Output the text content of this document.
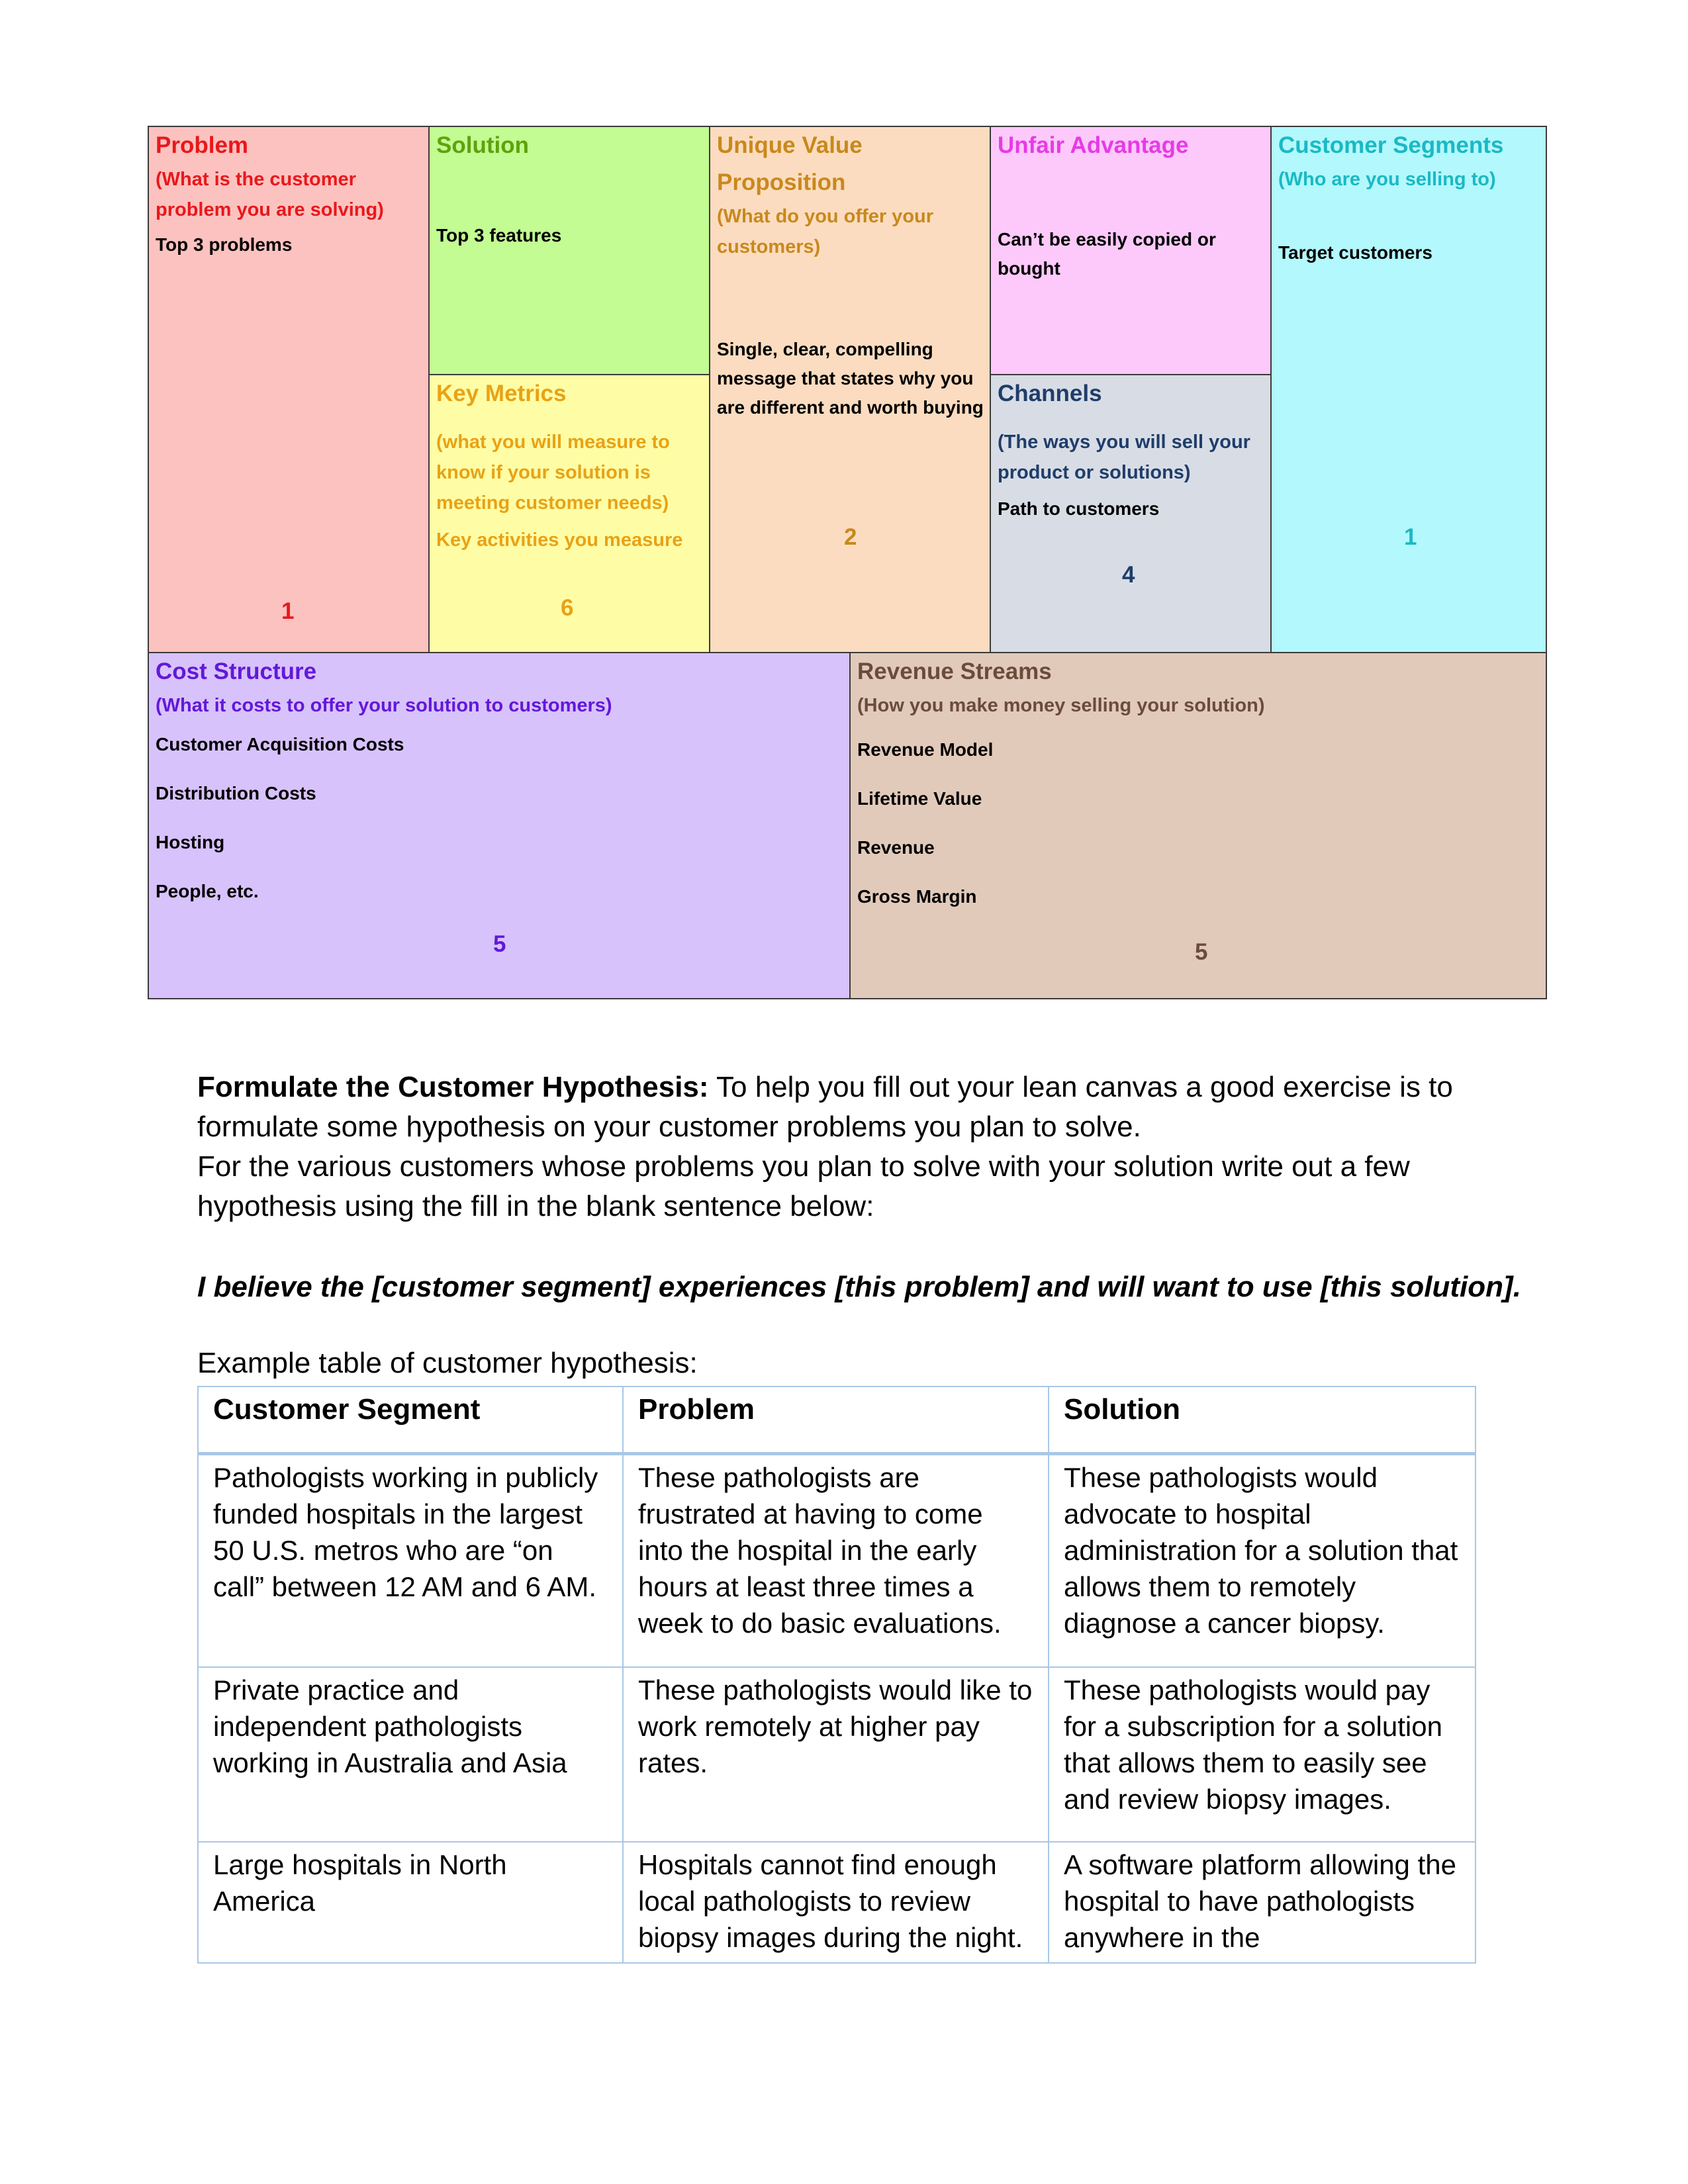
Problem

(What is the customer problem you are solving)

Top 3 problems

1

Solution

Top 3 features

Key Metrics

(what you will measure to know if your solution is meeting customer needs)

Key activities you measure

6

Unique Value Proposition

(What do you offer your customers)

Single, clear, compelling message that states why you are different and worth buying

2

Unfair Advantage

Can’t be easily copied or bought

Channels

(The ways you will sell your product or solutions)

Path to customers

4

Customer Segments

(Who are you selling to)

Target customers

1

Cost Structure

(What it costs to offer your solution to customers)

Customer Acquisition Costs

Distribution Costs

Hosting

People, etc.

5

Revenue Streams

(How you make money selling your solution)

Revenue Model

Lifetime Value

Revenue

Gross Margin

5

Formulate the Customer Hypothesis: To help you fill out your lean canvas a good exercise is to formulate some hypothesis on your customer problems you plan to solve.

For the various customers whose problems you plan to solve with your solution write out a few hypothesis using the fill in the blank sentence below:

I believe the [customer segment] experiences [this problem] and will want to use [this solution].
Example table of customer hypothesis:
Customer Segment	Problem	Solution
Pathologists working in publicly funded hospitals in the largest 50 U.S. metros who are “on call” between 12 AM and 6 AM.	These pathologists are frustrated at having to come into the hospital in the early hours at least three times a week to do basic evaluations.	These pathologists would advocate to hospital administration for a solution that allows them to remotely diagnose a cancer biopsy.
Private practice and independent pathologists working in Australia and Asia	These pathologists would like to work remotely at higher pay rates.	These pathologists would pay for a subscription for a solution that allows them to easily see and review biopsy images.
Large hospitals in North America	Hospitals cannot find enough local pathologists to review biopsy images during the night.	A software platform allowing the hospital to have pathologists anywhere in the
